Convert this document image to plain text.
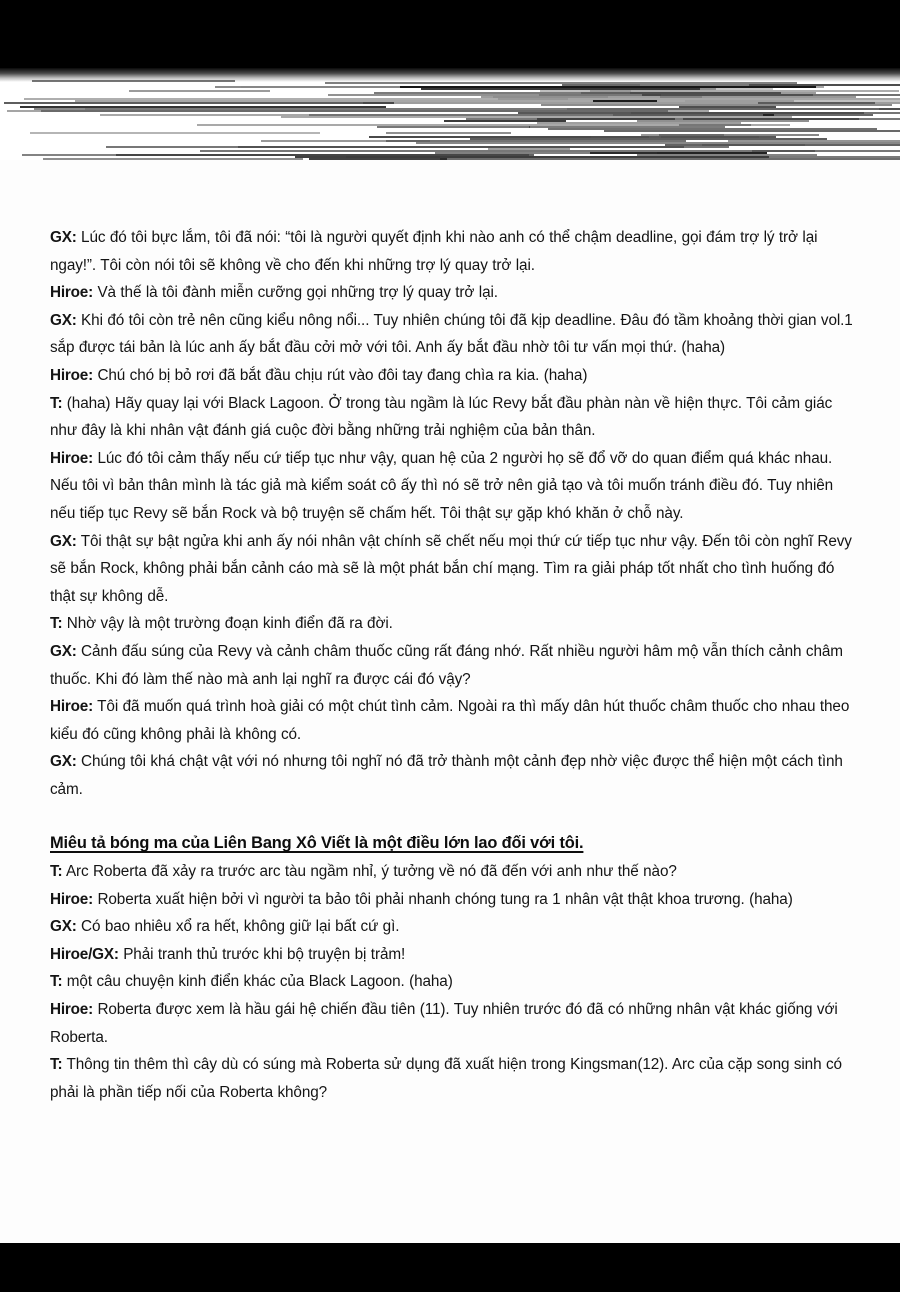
GX: Lúc đó tôi bực lắm, tôi đã nói: “tôi là người quyết định khi nào anh có thể chậm deadline, gọi đám trợ lý trở lại ngay!”. Tôi còn nói tôi sẽ không về cho đến khi những trợ lý quay trở lại.
Hiroe: Và thế là tôi đành miễn cưỡng gọi những trợ lý quay trở lại.
GX: Khi đó tôi còn trẻ nên cũng kiểu nông nổi... Tuy nhiên chúng tôi đã kịp deadline. Đâu đó tầm khoảng thời gian vol.1 sắp được tái bản là lúc anh ấy bắt đầu cởi mở với tôi. Anh ấy bắt đầu nhờ tôi tư vấn mọi thứ. (haha)
Hiroe: Chú chó bị bỏ rơi đã bắt đầu chịu rút vào đôi tay đang chìa ra kia. (haha)
T: (haha) Hãy quay lại với Black Lagoon. Ở trong tàu ngầm là lúc Revy bắt đầu phàn nàn về hiện thực. Tôi cảm giác như đây là khi nhân vật đánh giá cuộc đời bằng những trải nghiệm của bản thân.
Hiroe: Lúc đó tôi cảm thấy nếu cứ tiếp tục như vậy, quan hệ của 2 người họ sẽ đổ vỡ do quan điểm quá khác nhau. Nếu tôi vì bản thân mình là tác giả mà kiểm soát cô ấy thì nó sẽ trở nên giả tạo và tôi muốn tránh điều đó. Tuy nhiên nếu tiếp tục Revy sẽ bắn Rock và bộ truyện sẽ chấm hết. Tôi thật sự gặp khó khăn ở chỗ này.
GX: Tôi thật sự bật ngửa khi anh ấy nói nhân vật chính sẽ chết nếu mọi thứ cứ tiếp tục như vậy. Đến tôi còn nghĩ Revy sẽ bắn Rock, không phải bắn cảnh cáo mà sẽ là một phát bắn chí mạng. Tìm ra giải pháp tốt nhất cho tình huống đó thật sự không dễ.
T: Nhờ vậy là một trường đoạn kinh điển đã ra đời.
GX: Cảnh đấu súng của Revy và cảnh châm thuốc cũng rất đáng nhớ. Rất nhiều người hâm mộ vẫn thích cảnh châm thuốc. Khi đó làm thế nào mà anh lại nghĩ ra được cái đó vậy?
Hiroe: Tôi đã muốn quá trình hoà giải có một chút tình cảm. Ngoài ra thì mấy dân hút thuốc châm thuốc cho nhau theo kiểu đó cũng không phải là không có.
GX: Chúng tôi khá chật vật với nó nhưng tôi nghĩ nó đã trở thành một cảnh đẹp nhờ việc được thể hiện một cách tình cảm.
Miêu tả bóng ma của Liên Bang Xô Viết là một điều lớn lao đối với tôi.
T: Arc Roberta đã xảy ra trước arc tàu ngầm nhỉ, ý tưởng về nó đã đến với anh như thế nào?
Hiroe: Roberta xuất hiện bởi vì người ta bảo tôi phải nhanh chóng tung ra 1 nhân vật thật khoa trương. (haha)
GX: Có bao nhiêu xổ ra hết, không giữ lại bất cứ gì.
Hiroe/GX: Phải tranh thủ trước khi bộ truyện bị trảm!
T: một câu chuyện kinh điển khác của Black Lagoon. (haha)
Hiroe: Roberta được xem là hầu gái hệ chiến đầu tiên (11). Tuy nhiên trước đó đã có những nhân vật khác giống với Roberta.
T: Thông tin thêm thì cây dù có súng mà Roberta sử dụng đã xuất hiện trong Kingsman(12). Arc của cặp song sinh có phải là phần tiếp nối của Roberta không?
